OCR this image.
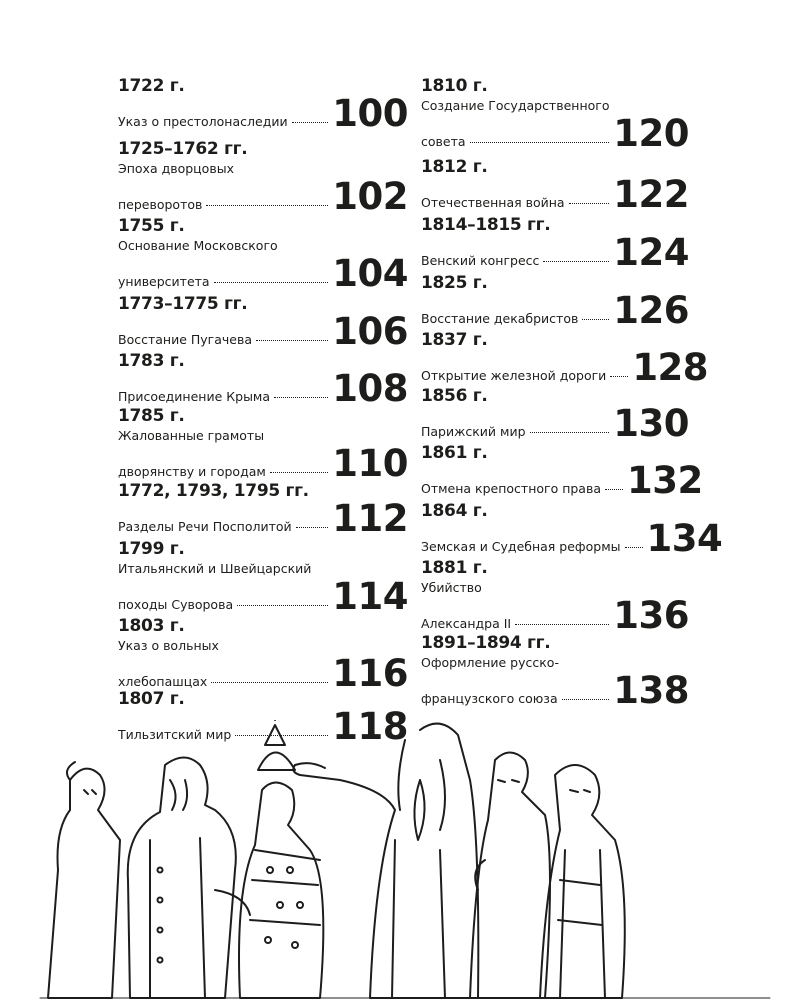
1722 г.
Указ о престолонаследии 100
1725–1762 гг.
Эпоха дворцовых
переворотов	102
1755 г.
Основание Московского
университета	104
1773–1775 гг.
Восстание Пугачева 106
1783 г.
Присоединение Крыма 108
1785 г.
Жалованные грамоты
дворянству и городам 110
1772, 1793, 1795 гг.
Разделы Речи Посполитой 112
1799 г.
Итальянский и Швейцарский
походы Суворова	114
1803 г.
Указ о вольных
хлебопашцах	116
1807 г.
Тильзитский мир	118
1810 г.
Создание Государственного
совета	120
1812 г.
Отечественная война 122
1814–1815 гг.
Венский конгресс 124
1825 г.
Восстание декабристов 126
1837 г.
Открытие железной дороги 128
1856 г.
Парижский мир 130
1861 г.
Отмена крепостного права 132
1864 г.
Земская и Судебная реформы 134
1881 г.
Убийство
Александра II	136
1891–1894 гг.
Оформление русско-
французского союза 138
